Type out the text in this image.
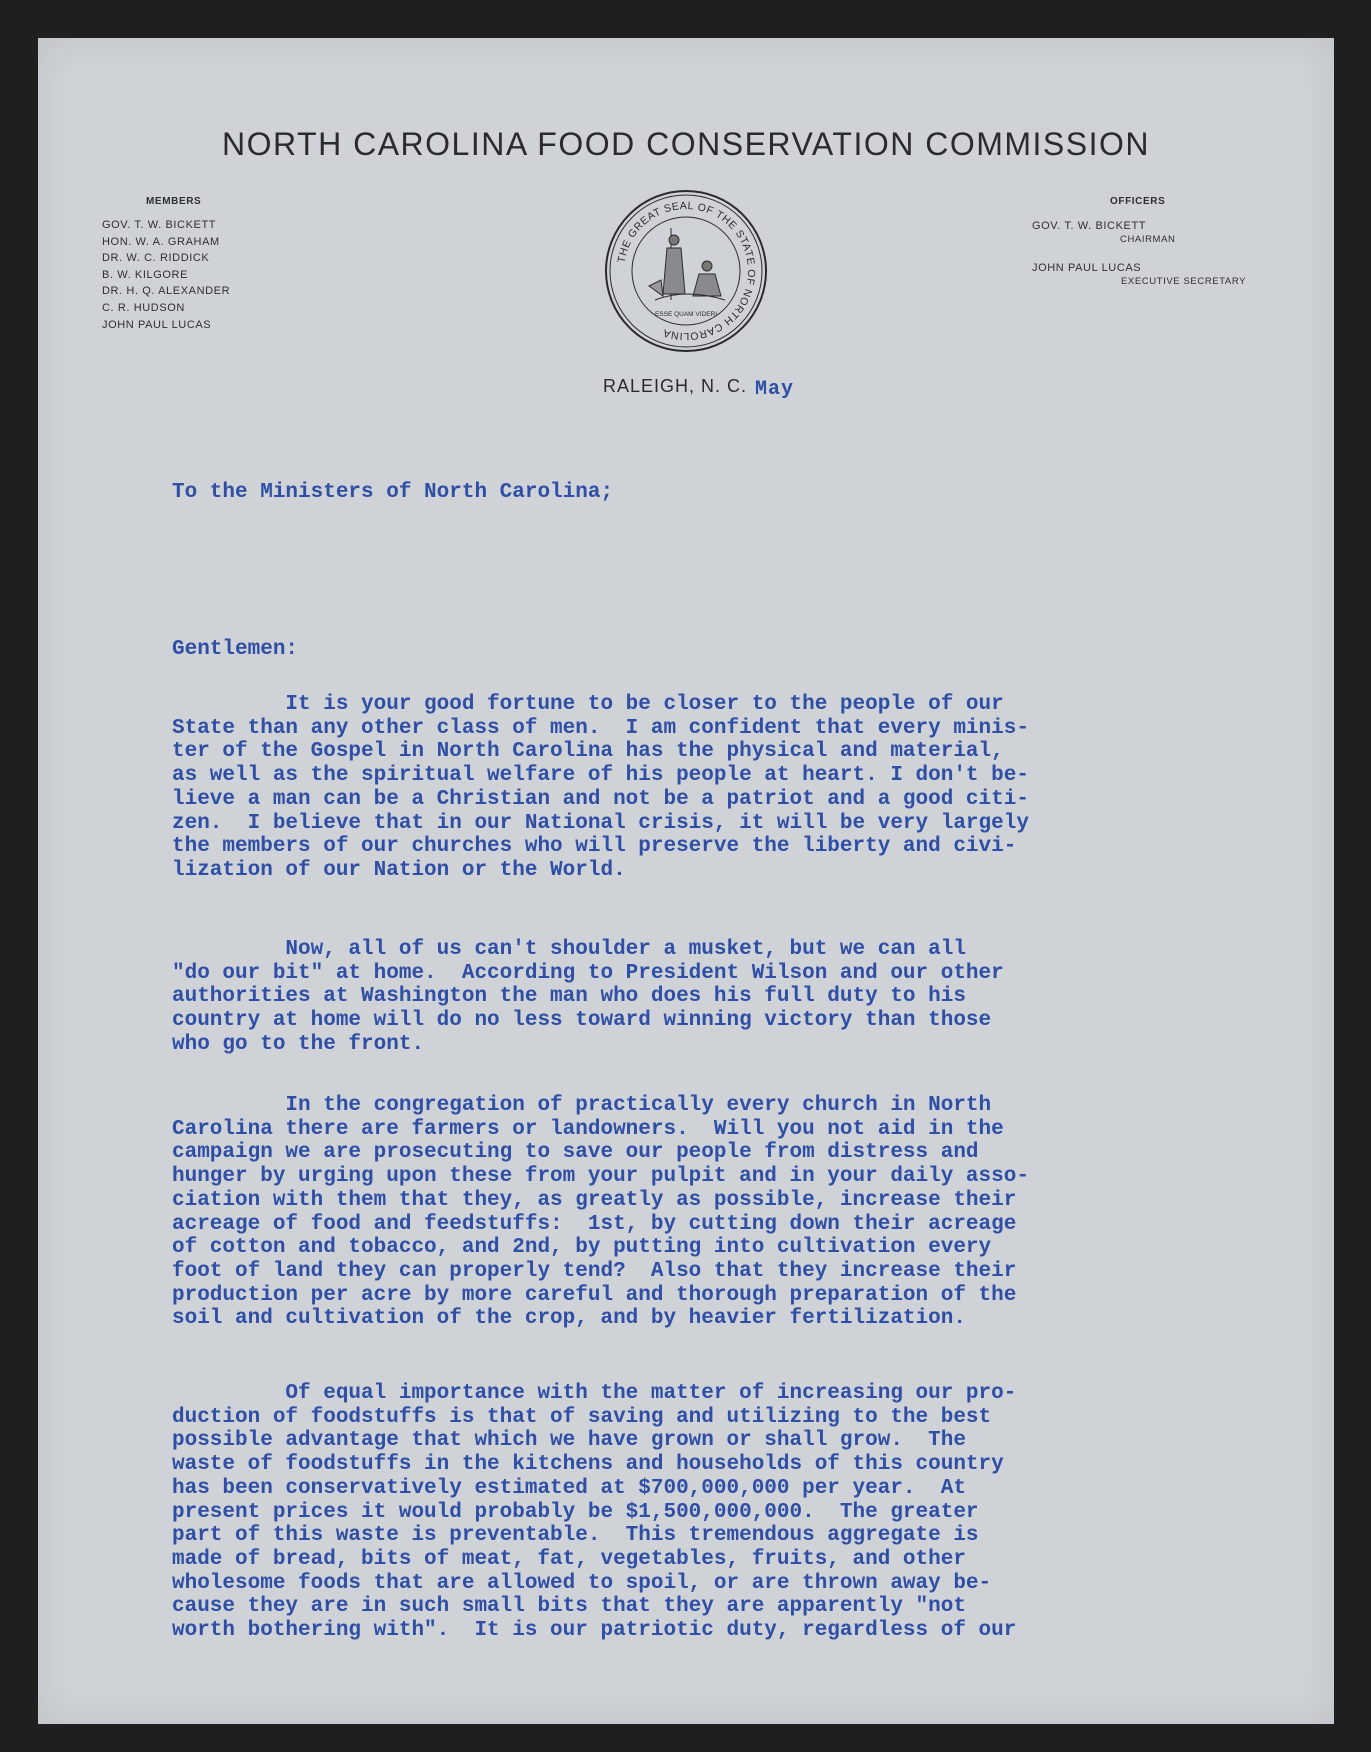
NORTH CAROLINA FOOD CONSERVATION COMMISSION
MEMBERS
GOV. T. W. BICKETT
HON. W. A. GRAHAM
DR. W. C. RIDDICK
B. W. KILGORE
DR. H. Q. ALEXANDER
C. R. HUDSON
JOHN PAUL LUCAS
THE GREAT SEAL OF THE STATE OF NORTH CAROLINA
ESSE QUAM VIDERI
OFFICERS
GOV. T. W. BICKETT
CHAIRMAN
JOHN PAUL LUCAS
EXECUTIVE SECRETARY
RALEIGH, N. C. May
To the Ministers of North Carolina;
Gentlemen:
It is your good fortune to be closer to the people of our
State than any other class of men.  I am confident that every minis-
ter of the Gospel in North Carolina has the physical and material,
as well as the spiritual welfare of his people at heart. I don't be-
lieve a man can be a Christian and not be a patriot and a good citi-
zen.  I believe that in our National crisis, it will be very largely
the members of our churches who will preserve the liberty and civi-
lization of our Nation or the World.
Now, all of us can't shoulder a musket, but we can all
"do our bit" at home.  According to President Wilson and our other
authorities at Washington the man who does his full duty to his
country at home will do no less toward winning victory than those
who go to the front.
In the congregation of practically every church in North
Carolina there are farmers or landowners.  Will you not aid in the
campaign we are prosecuting to save our people from distress and
hunger by urging upon these from your pulpit and in your daily asso-
ciation with them that they, as greatly as possible, increase their
acreage of food and feedstuffs:  1st, by cutting down their acreage
of cotton and tobacco, and 2nd, by putting into cultivation every
foot of land they can properly tend?  Also that they increase their
production per acre by more careful and thorough preparation of the
soil and cultivation of the crop, and by heavier fertilization.
Of equal importance with the matter of increasing our pro-
duction of foodstuffs is that of saving and utilizing to the best
possible advantage that which we have grown or shall grow.  The
waste of foodstuffs in the kitchens and households of this country
has been conservatively estimated at $700,000,000 per year.  At
present prices it would probably be $1,500,000,000.  The greater
part of this waste is preventable.  This tremendous aggregate is
made of bread, bits of meat, fat, vegetables, fruits, and other
wholesome foods that are allowed to spoil, or are thrown away be-
cause they are in such small bits that they are apparently "not
worth bothering with".  It is our patriotic duty, regardless of our
